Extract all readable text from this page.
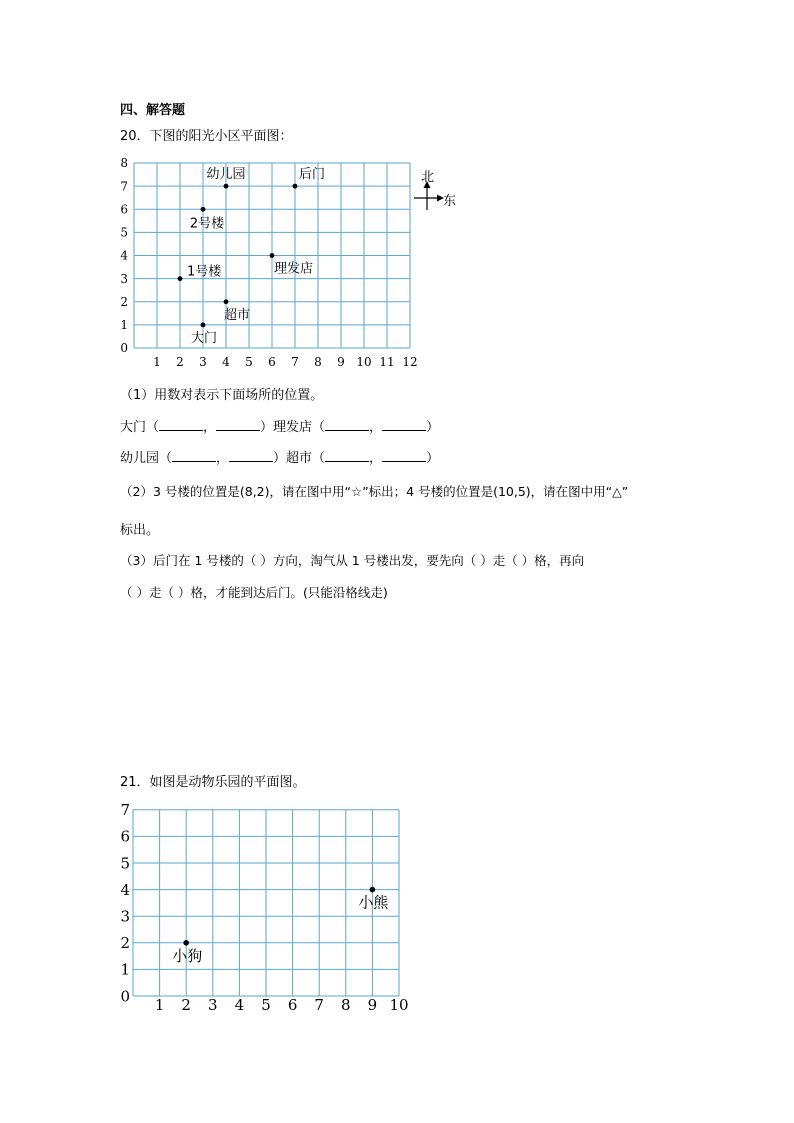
四、解答题
20．下图的阳光小区平面图：
1 2 3 4 5 6 7 8 9 10 11 12
0
1
2
3
4
5
6
7
8
幼儿园	后门
2号楼
理发店
1号楼
超市
大门
北
东
（1）用数对表示下面场所的位置。
大门（	，	）理发店（	，	）
幼儿园（	，	）超市（	，	）
（2）3 号楼的位置是(8,2)，请在图中用“☆”标出；4 号楼的位置是(10,5)，请在图中用“△”
标出。
（3）后门在 1 号楼的（ ）方向，淘气从 1 号楼出发，要先向（ ）走（ ）格，再向
（ ）走（ ）格，才能到达后门。(只能沿格线走)
21．如图是动物乐园的平面图。
1 2 3 4 5 6 7 8 9 10
0
1
2
3
4
5
6
7
小熊
小狗
